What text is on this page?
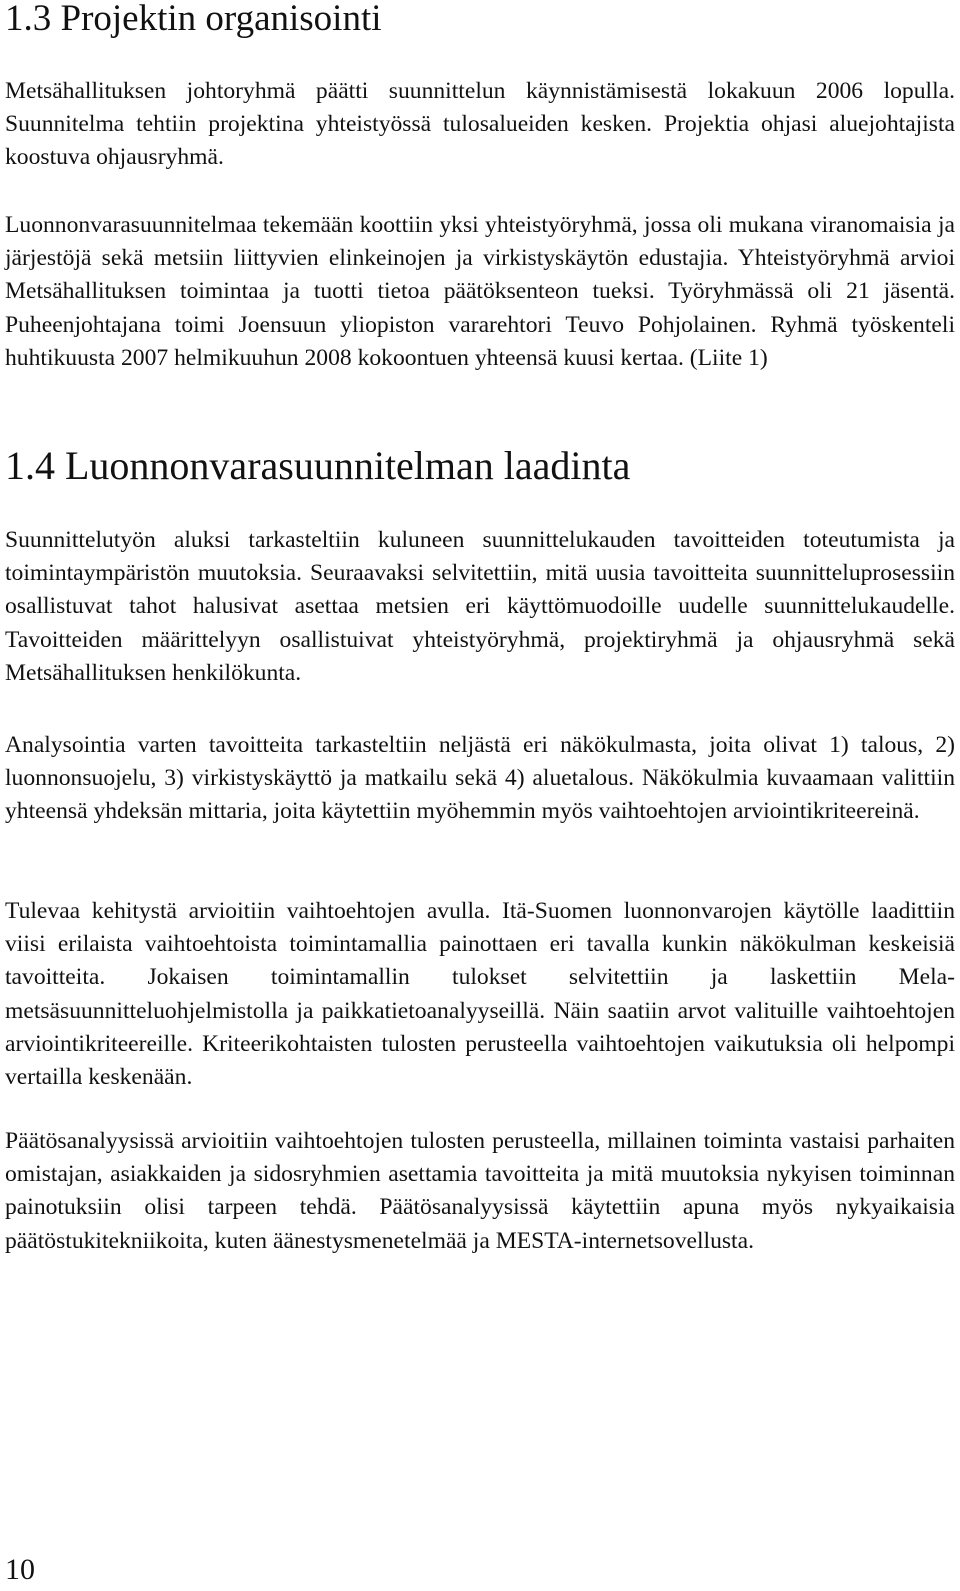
1.3 Projektin organisointi

Metsähallituksen johtoryhmä päätti suunnittelun käynnistämisestä lokakuun 2006 lopulla. Suunnitelma tehtiin projektina yhteistyössä tulosalueiden kesken. Projektia ohjasi aluejohtajista koostuva ohjausryhmä.

Luonnonvarasuunnitelmaa tekemään koottiin yksi yhteistyöryhmä, jossa oli mukana viranomaisia ja järjestöjä sekä metsiin liittyvien elinkeinojen ja virkistyskäytön edustajia. Yhteistyöryhmä arvioi Metsähallituksen toimintaa ja tuotti tietoa päätöksenteon tueksi. Työryhmässä oli 21 jäsentä. Puheenjohtajana toimi Joensuun yliopiston vararehtori Teuvo Pohjolainen. Ryhmä työskenteli huhtikuusta 2007 helmikuuhun 2008 kokoontuen yhteensä kuusi kertaa. (Liite 1)

1.4 Luonnonvarasuunnitelman laadinta

Suunnittelutyön aluksi tarkasteltiin kuluneen suunnittelukauden tavoitteiden toteutumista ja toimintaympäristön muutoksia. Seuraavaksi selvitettiin, mitä uusia tavoitteita suunnitteluprosessiin osallistuvat tahot halusivat asettaa metsien eri käyttömuodoille uudelle suunnittelukaudelle. Tavoitteiden määrittelyyn osallistuivat yhteistyöryhmä, projektiryhmä ja ohjausryhmä sekä Metsähallituksen henkilökunta.

Analysointia varten tavoitteita tarkasteltiin neljästä eri näkökulmasta, joita olivat 1) talous, 2) luonnonsuojelu, 3) virkistyskäyttö ja matkailu sekä 4) aluetalous. Näkökulmia kuvaamaan valittiin yhteensä yhdeksän mittaria, joita käytettiin myöhemmin myös vaihtoehtojen arviointikriteereinä.

Tulevaa kehitystä arvioitiin vaihtoehtojen avulla. Itä-Suomen luonnonvarojen käytölle laadittiin viisi erilaista vaihtoehtoista toimintamallia painottaen eri tavalla kunkin näkökulman keskeisiä tavoitteita. Jokaisen toimintamallin tulokset selvitettiin ja laskettiin Mela-metsäsuunnitteluohjelmistolla ja paikkatietoanalyyseillä. Näin saatiin arvot valituille vaihtoehtojen arviointikriteereille. Kriteerikohtaisten tulosten perusteella vaihtoehtojen vaikutuksia oli helpompi vertailla keskenään.

Päätösanalyysissä arvioitiin vaihtoehtojen tulosten perusteella, millainen toiminta vastaisi parhaiten omistajan, asiakkaiden ja sidosryhmien asettamia tavoitteita ja mitä muutoksia nykyisen toiminnan painotuksiin olisi tarpeen tehdä. Päätösanalyysissä käytettiin apuna myös nykyaikaisia päätöstukitekniikoita, kuten äänestysmenetelmää ja MESTA-internetsovellusta.

10
